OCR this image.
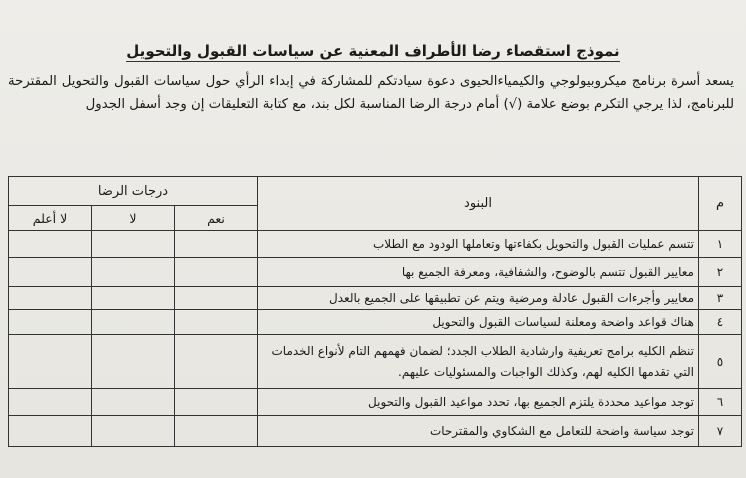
نموذج استقصاء رضا الأطراف المعنية عن سياسات القبول والتحويل
يسعد أسرة برنامج ميكروبيولوجي والكيمياءالحيوى دعوة سيادتكم للمشاركة في إبداء الرأي حول سياسات القبول والتحويل المقترحة للبرنامج، لذا يرجي التكرم بوضع علامة (√) أمام درجة الرضا المناسبة لكل بند، مع كتابة التعليقات إن وجد أسفل الجدول
م	البنود	درجات الرضا		
		نعم	لا	لا أعلم
١	تتسم عمليات القبول والتحويل بكفاءتها وتعاملها الودود مع الطلاب			
٢	معايير القبول تتسم بالوضوح، والشفافية، ومعرفة الجميع بها			
٣	معايير وأجرءات القبول عادلة ومرضية ويتم عن تطبيقها على الجميع بالعدل			
٤	هناك قواعد واضحة ومعلنة لسياسات القبول والتحويل			
٥	تنظم الكليه برامج تعريفية وارشادية الطلاب الجدد؛ لضمان فهمهم التام لأنواع الخدمات التي تقدمها الكليه لهم، وكذلك الواجبات والمسئوليات عليهم.			
٦	توجد مواعيد محددة يلتزم الجميع بها، تحدد مواعيد القبول والتحويل			
٧	توجد سياسة واضحة للتعامل مع الشكاوي والمقترحات			
